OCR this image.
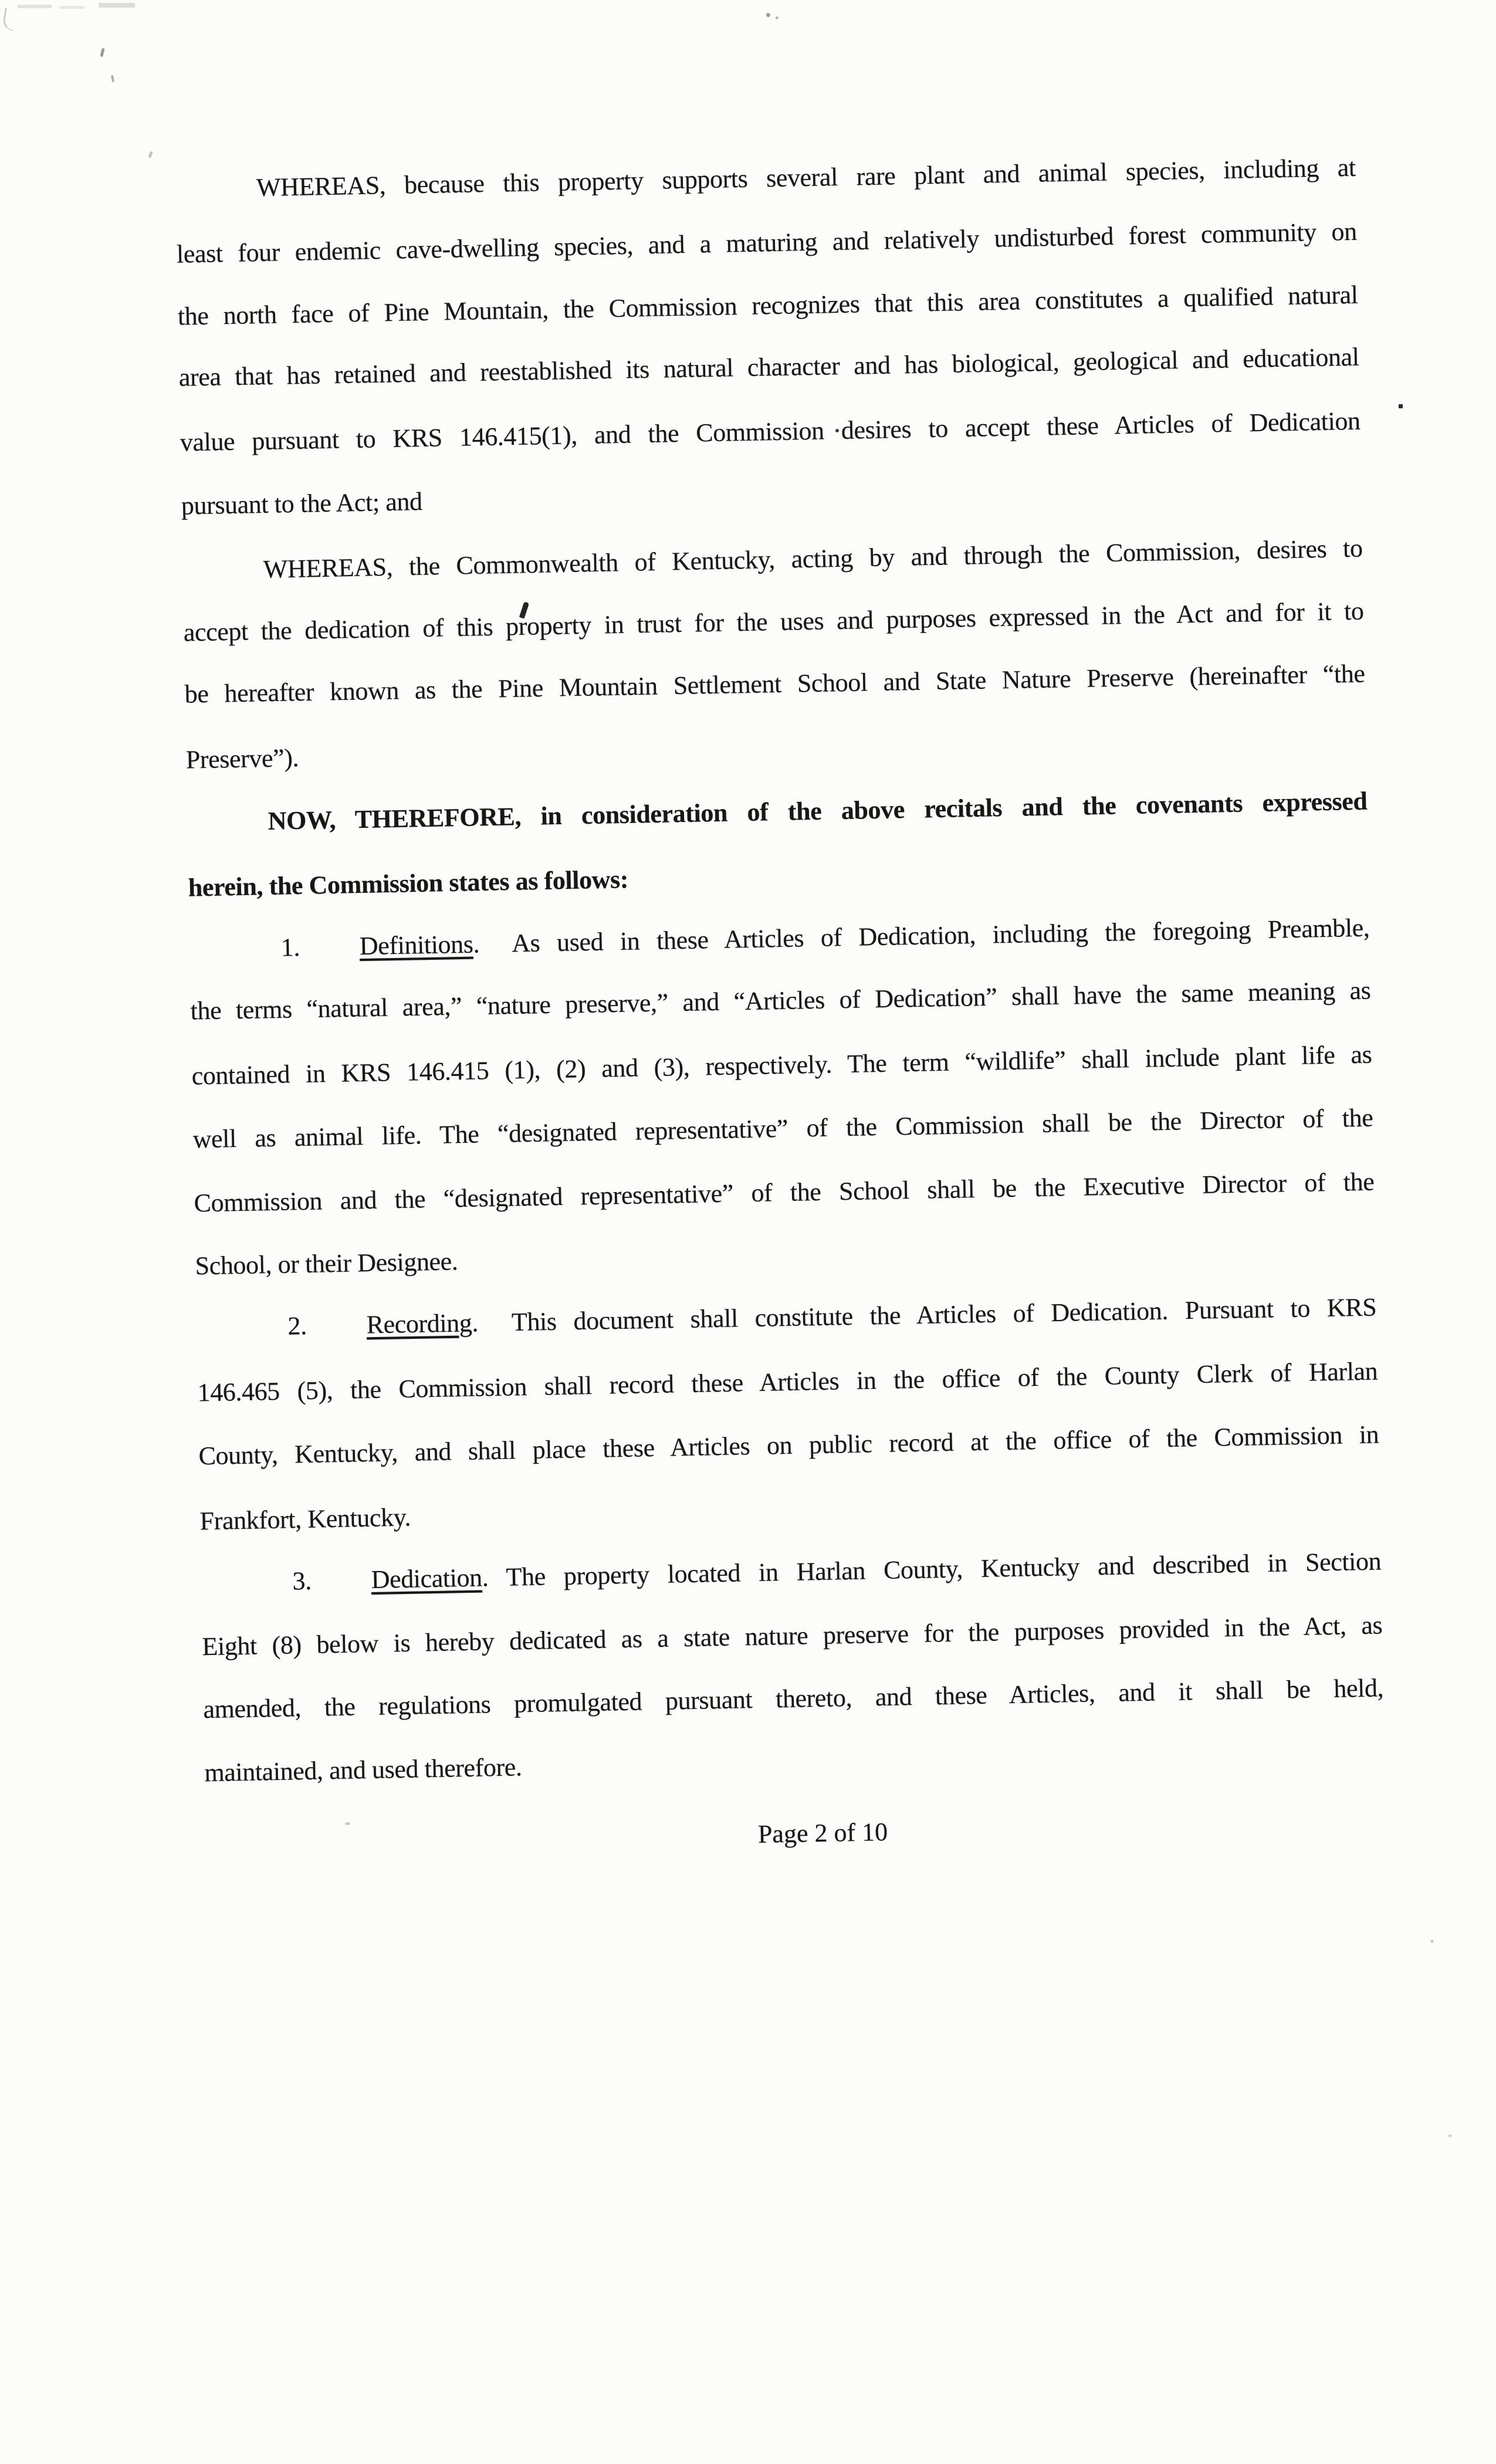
WHEREAS, because this property supports several rare plant and animal species, including at
least four endemic cave-dwelling species, and a maturing and relatively undisturbed forest community on
the north face of Pine Mountain, the Commission recognizes that this area constitutes a qualified natural
area that has retained and reestablished its natural character and has biological, geological and educational
value pursuant to KRS 146.415(1), and the Commission desires to accept these Articles of Dedication
pursuant to the Act; and
WHEREAS, the Commonwealth of Kentucky, acting by and through the Commission, desires to
accept the dedication of this property in trust for the uses and purposes expressed in the Act and for it to
be hereafter known as the Pine Mountain Settlement School and State Nature Preserve (hereinafter “the
Preserve”).
NOW, THEREFORE, in consideration of the above recitals and the covenants expressed
herein, the Commission states as follows:
1. Definitions.  As used in these Articles of Dedication, including the foregoing Preamble,
the terms “natural area,” “nature preserve,” and “Articles of Dedication” shall have the same meaning as
contained in KRS 146.415 (1), (2) and (3), respectively. The term “wildlife” shall include plant life as
well as animal life. The “designated representative” of the Commission shall be the Director of the
Commission and the “designated representative” of the School shall be the Executive Director of the
School, or their Designee.
2. Recording.  This document shall constitute the Articles of Dedication. Pursuant to KRS
146.465 (5), the Commission shall record these Articles in the office of the County Clerk of Harlan
County, Kentucky, and shall place these Articles on public record at the office of the Commission in
Frankfort, Kentucky.
3. Dedication. The property located in Harlan County, Kentucky and described in Section
Eight (8) below is hereby dedicated as a state nature preserve for the purposes provided in the Act, as
amended, the regulations promulgated pursuant thereto, and these Articles, and it shall be held,
maintained, and used therefore.
Page 2 of 10
